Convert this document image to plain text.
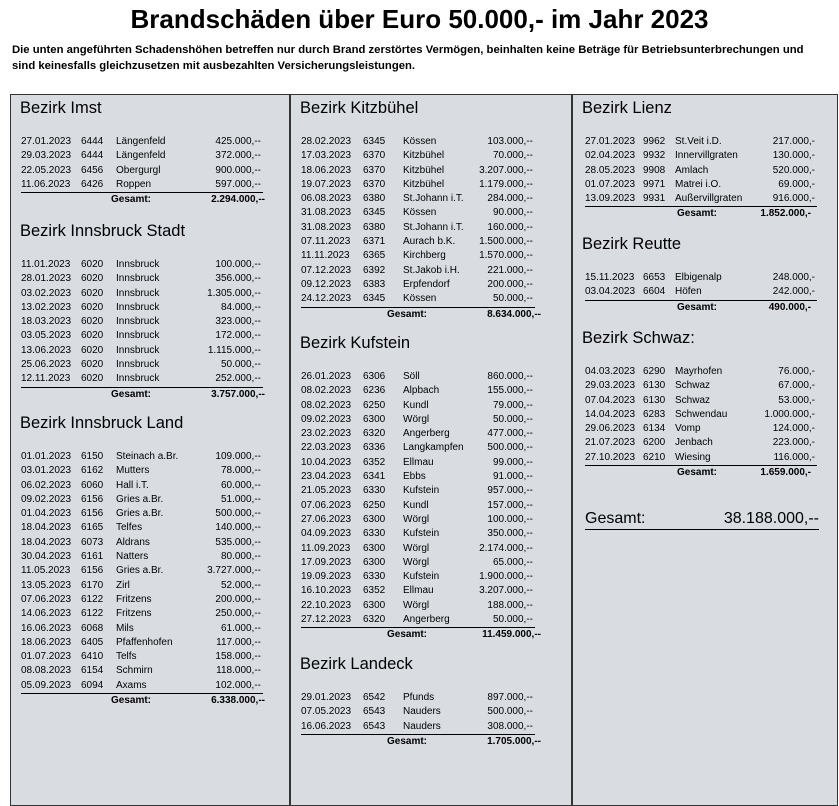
Brandschäden über Euro 50.000,- im Jahr 2023
Die unten angeführten Schadenshöhen betreffen nur durch Brand zerstörtes Vermögen, beinhalten keine Beträge für Betriebsunterbrechungen und sind keinesfalls gleichzusetzen mit ausbezahlten Versicherungsleistungen.
Bezirk Imst
27.01.2023 6444 Längenfeld	425.000,--
29.03.2023 6444 Längenfeld	372.000,--
22.05.2023 6456 Obergurgl	900.000,--
11.06.2023 6426 Roppen	597.000,--
Gesamt:	2.294.000,--
Bezirk Innsbruck Stadt
11.01.2023 6020 Innsbruck	100.000,--
28.01.2023 6020 Innsbruck	356.000,--
03.02.2023 6020 Innsbruck	1.305.000,--
13.02.2023 6020 Innsbruck	84.000,--
18.03.2023 6020 Innsbruck	323.000,--
03.05.2023 6020 Innsbruck	172.000,--
13.06.2023 6020 Innsbruck	1.115.000,--
25.06.2023 6020 Innsbruck	50.000,--
12.11.2023 6020 Innsbruck	252.000,--
Gesamt:	3.757.000,--
Bezirk Innsbruck Land
01.01.2023 6150 Steinach a.Br.	109.000,--
03.01.2023 6162 Mutters	78.000,--
06.02.2023 6060 Hall i.T.	60.000,--
09.02.2023 6156 Gries a.Br.	51.000,--
01.04.2023 6156 Gries a.Br.	500.000,--
18.04.2023 6165 Telfes	140.000,--
18.04.2023 6073 Aldrans	535.000,--
30.04.2023 6161 Natters	80.000,--
11.05.2023 6156 Gries a.Br.	3.727.000,--
13.05.2023 6170 Zirl	52.000,--
07.06.2023 6122 Fritzens	200.000,--
14.06.2023 6122 Fritzens	250.000,--
16.06.2023 6068 Mils	61.000,--
18.06.2023 6405 Pfaffenhofen	117.000,--
01.07.2023 6410 Telfs	158.000,--
08.08.2023 6154 Schmirn	118.000,--
05.09.2023 6094 Axams	102.000,--
Gesamt:	6.338.000,--
Bezirk Kitzbühel
28.02.2023 6345 Kössen	103.000,--
17.03.2023 6370 Kitzbühel	70.000,--
18.06.2023 6370 Kitzbühel	3.207.000,--
19.07.2023 6370 Kitzbühel	1.179.000,--
06.08.2023 6380 St.Johann i.T. 284.000,--
31.08.2023 6345 Kössen	90.000,--
31.08.2023 6380 St.Johann i.T. 160.000,--
07.11.2023 6371 Aurach b.K. 1.500.000,--
11.11.2023 6365 Kirchberg	1.570.000,--
07.12.2023 6392 St.Jakob i.H.	221.000,--
09.12.2023 6383 Erpfendorf	200.000,--
24.12.2023 6345 Kössen	50.000,--
Gesamt:	8.634.000,--
Bezirk Kufstein
26.01.2023 6306 Söll	860.000,--
08.02.2023 6236 Alpbach	155.000,--
08.02.2023 6250 Kundl	79.000,--
09.02.2023 6300 Wörgl	50.000,--
23.02.2023 6320 Angerberg	477.000,--
22.03.2023 6336 Langkampfen 500.000,--
10.04.2023 6352 Ellmau	99.000,--
23.04.2023 6341 Ebbs	91.000,--
21.05.2023 6330 Kufstein	957.000,--
07.06.2023 6250 Kundl	157.000,--
27.06.2023 6300 Wörgl	100.000,--
04.09.2023 6330 Kufstein	350.000,--
11.09.2023 6300 Wörgl	2.174.000,--
17.09.2023 6300 Wörgl	65.000,--
19.09.2023 6330 Kufstein	1.900.000,--
16.10.2023 6352 Ellmau	3.207.000,--
22.10.2023 6300 Wörgl	188.000,--
27.12.2023 6320 Angerberg	50.000,--
Gesamt:	11.459.000,--
Bezirk Landeck
29.01.2023 6542 Pfunds	897.000,--
07.05.2023 6543 Nauders	500.000,--
16.06.2023 6543 Nauders	308.000,--
Gesamt:	1.705.000,--
Gesamt:	38.188.000,--
Bezirk Lienz
27.01.2023 9962 St.Veit i.D.	217.000,-
02.04.2023 9932 Innervillgraten	130.000,-
28.05.2023 9908 Amlach	520.000,-
01.07.2023 9971 Matrei i.O.	69.000,-
13.09.2023 9931 Außervillgraten	916.000,-
Gesamt:	1.852.000,-
Bezirk Reutte
15.11.2023 6653 Elbigenalp	248.000,-
03.04.2023 6604 Höfen	242.000,-
Gesamt:	490.000,-
Bezirk Schwaz:
04.03.2023 6290 Mayrhofen	76.000,-
29.03.2023 6130 Schwaz	67.000,-
07.04.2023 6130 Schwaz	53.000,-
14.04.2023 6283 Schwendau	1.000.000,-
29.06.2023 6134 Vomp	124.000,-
21.07.2023 6200 Jenbach	223.000,-
27.10.2023 6210 Wiesing	116.000,-
Gesamt:	1.659.000,-
